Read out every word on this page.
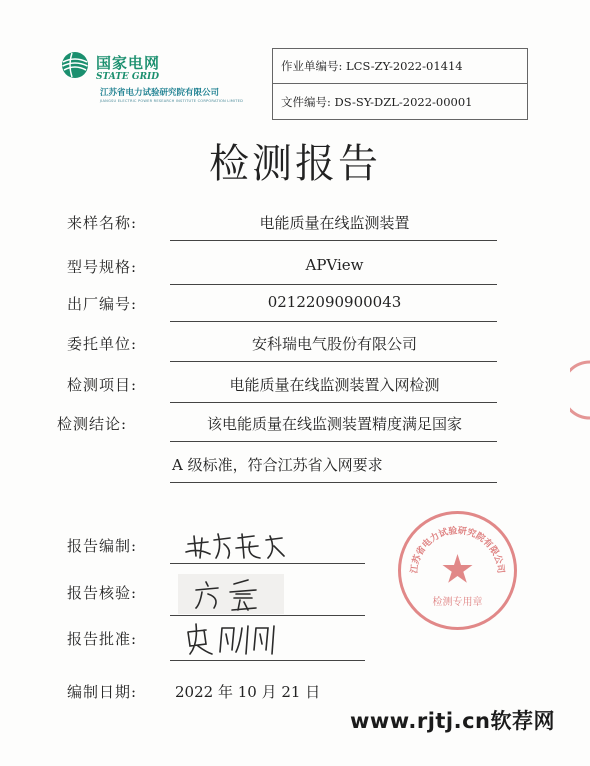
国家电网
STATE GRID
江苏省电力试验研究院有限公司
JIANGSU ELECTRIC POWER RESEARCH INSTITUTE CORPORATION LIMITED
作业单编号: LCS-ZY-2022-01414
文件编号: DS-SY-DZL-2022-00001
检测报告
来样名称:	电能质量在线监测装置
型号规格:	APView
出厂编号:	02122090900043
委托单位:	安科瑞电气股份有限公司
检测项目:	电能质量在线监测装置入网检测
检测结论:	该电能质量在线监测装置精度满足国家
A 级标准，符合江苏省入网要求
报告编制:
报告核验:
报告批准:
编制日期:	2022 年 10 月 21 日
江苏省电力试验研究院有限公司
检测专用章
www.rjtj.cn软荐网
